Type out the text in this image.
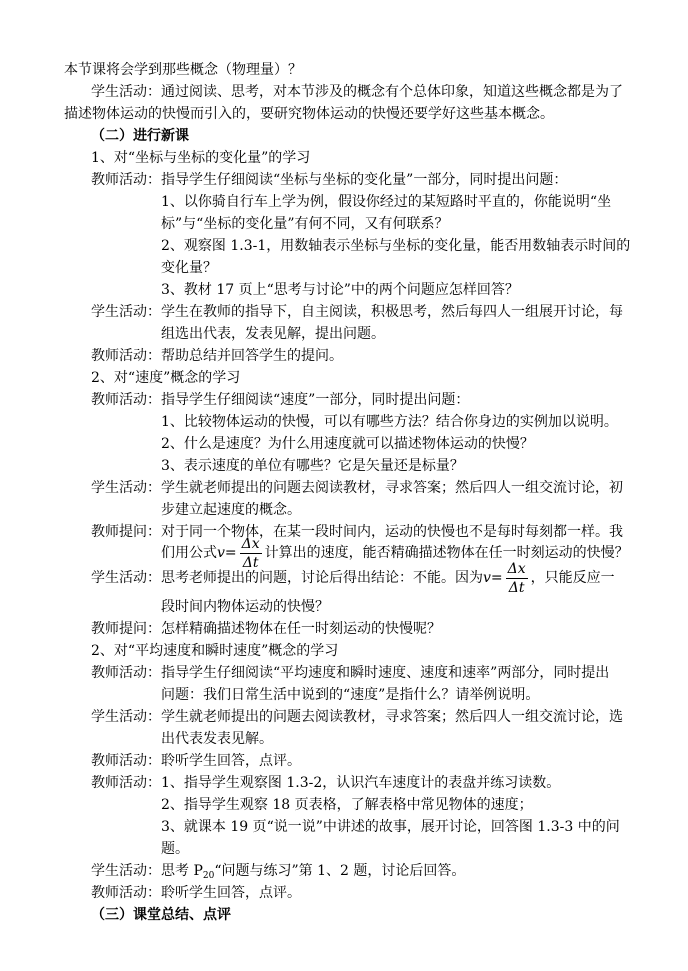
本节课将会学到那些概念（物理量）？
学生活动：通过阅读、思考，对本节涉及的概念有个总体印象，知道这些概念都是为了
描述物体运动的快慢而引入的，要研究物体运动的快慢还要学好这些基本概念。
（二）进行新课
1、对“坐标与坐标的变化量”的学习
教师活动：指导学生仔细阅读“坐标与坐标的变化量”一部分，同时提出问题：
1、以你骑自行车上学为例，假设你经过的某短路时平直的，你能说明“坐
标”与“坐标的变化量”有何不同，又有何联系？
2、观察图 1.3-1，用数轴表示坐标与坐标的变化量，能否用数轴表示时间的
变化量？
3、教材 17 页上“思考与讨论”中的两个问题应怎样回答？
学生活动：学生在教师的指导下，自主阅读，积极思考，然后每四人一组展开讨论，每
组选出代表，发表见解，提出问题。
教师活动：帮助总结并回答学生的提问。
2、对“速度”概念的学习
教师活动：指导学生仔细阅读“速度”一部分，同时提出问题：
1、比较物体运动的快慢，可以有哪些方法？结合你身边的实例加以说明。
2、什么是速度？为什么用速度就可以描述物体运动的快慢？
3、表示速度的单位有哪些？它是矢量还是标量？
学生活动：学生就老师提出的问题去阅读教材，寻求答案；然后四人一组交流讨论，初
步建立起速度的概念。
教师提问：对于同一个物体，在某一段时间内，运动的快慢也不是每时每刻都一样。我
们用公式 $v = \frac{\Delta x}{\Delta t}$ 计算出的速度，能否精确描述物体在任一时刻运动的快慢？
学生活动：思考老师提出的问题，讨论后得出结论：不能。因为 $v = \frac{\Delta x}{\Delta t}$ ，只能反应一
段时间内物体运动的快慢？
教师提问：怎样精确描述物体在任一时刻运动的快慢呢？
2、对“平均速度和瞬时速度”概念的学习
教师活动：指导学生仔细阅读“平均速度和瞬时速度、速度和速率”两部分，同时提出
问题：我们日常生活中说到的“速度”是指什么？请举例说明。
学生活动：学生就老师提出的问题去阅读教材，寻求答案；然后四人一组交流讨论，选
出代表发表见解。
教师活动：聆听学生回答，点评。
教师活动：1、指导学生观察图 1.3-2，认识汽车速度计的表盘并练习读数。
2、指导学生观察 18 页表格，了解表格中常见物体的速度；
3、就课本 19 页“说一说”中讲述的故事，展开讨论，回答图 1.3-3 中的问
题。
学生活动：思考 $P_{20}“$问题与练习”第 1、2 题，讨论后回答。
教师活动：聆听学生回答，点评。
（三）课堂总结、点评
